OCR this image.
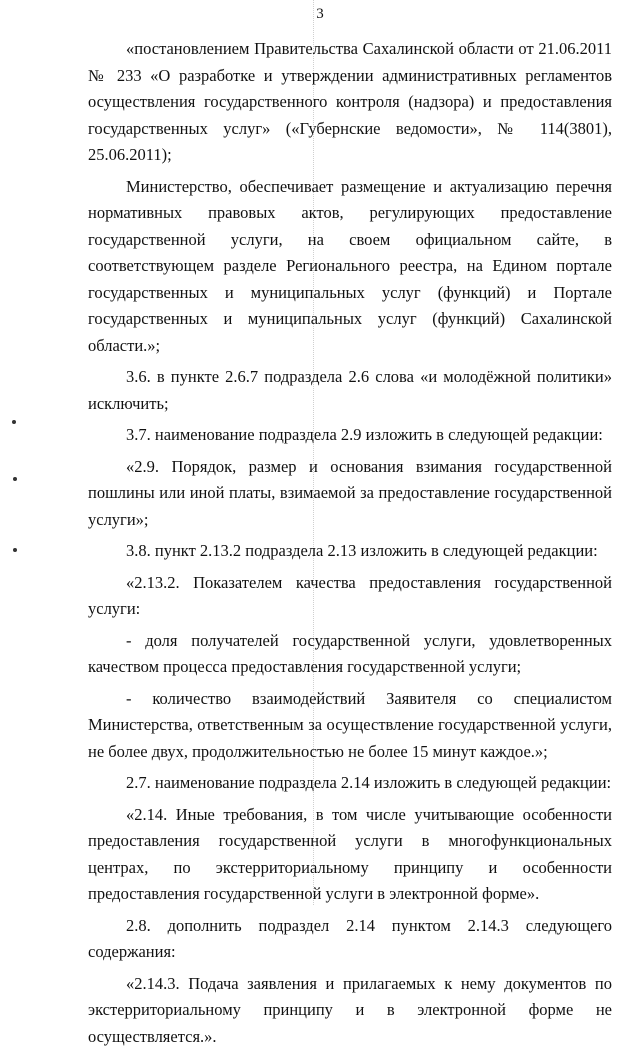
3

«постановлением Правительства Сахалинской области от 21.06.2011 № 233 «О разработке и утверждении административных регламентов осуществления государственного контроля (надзора) и предоставления государственных услуг» («Губернские ведомости», № 114(3801), 25.06.2011);

Министерство, обеспечивает размещение и актуализацию перечня нормативных правовых актов, регулирующих предоставление государственной услуги, на своем официальном сайте, в соответствующем разделе Регионального реестра, на Едином портале государственных и муниципальных услуг (функций) и Портале государственных и муниципальных услуг (функций) Сахалинской области.»;

3.6. в пункте 2.6.7 подраздела 2.6 слова «и молодёжной политики» исключить;

3.7. наименование подраздела 2.9 изложить в следующей редакции:

«2.9. Порядок, размер и основания взимания государственной пошлины или иной платы, взимаемой за предоставление государственной услуги»;

3.8. пункт 2.13.2 подраздела 2.13 изложить в следующей редакции:

«2.13.2. Показателем качества предоставления государственной услуги:

- доля получателей государственной услуги, удовлетворенных качеством процесса предоставления государственной услуги;

- количество взаимодействий Заявителя со специалистом Министерства, ответственным за осуществление государственной услуги, не более двух, продолжительностью не более 15 минут каждое.»;

2.7. наименование подраздела 2.14 изложить в следующей редакции:

«2.14. Иные требования, в том числе учитывающие особенности предоставления государственной услуги в многофункциональных центрах, по экстерриториальному принципу и особенности предоставления государственной услуги в электронной форме».

2.8. дополнить подраздел 2.14 пунктом 2.14.3 следующего содержания:

«2.14.3. Подача заявления и прилагаемых к нему документов по экстерриториальному принципу и в электронной форме не осуществляется.».
